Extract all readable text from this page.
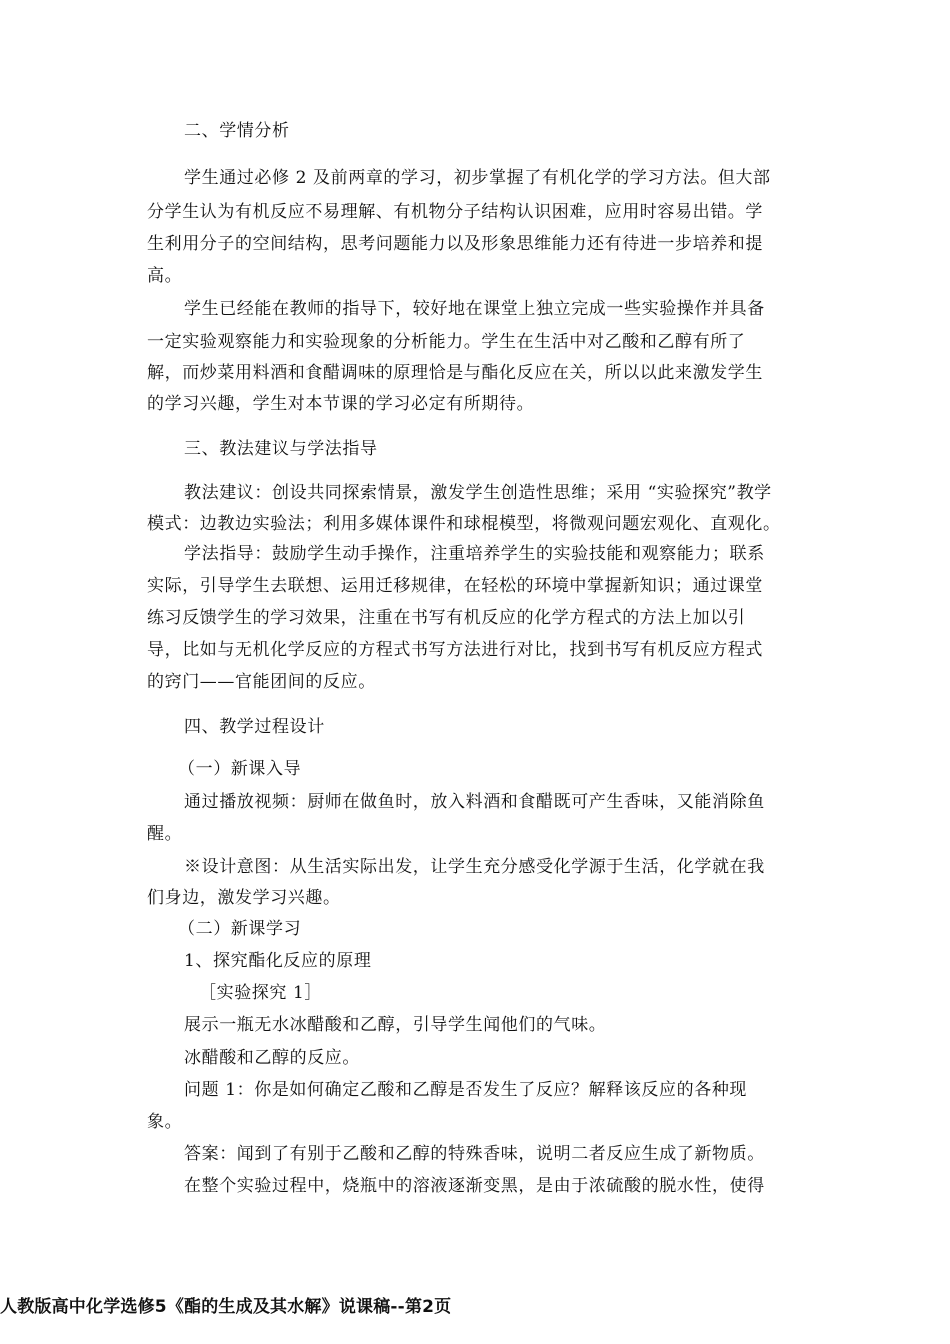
二、学情分析
学生通过必修 2 及前两章的学习，初步掌握了有机化学的学习方法。但大部
分学生认为有机反应不易理解、有机物分子结构认识困难，应用时容易出错。学
生利用分子的空间结构，思考问题能力以及形象思维能力还有待进一步培养和提
高。
学生已经能在教师的指导下，较好地在课堂上独立完成一些实验操作并具备
一定实验观察能力和实验现象的分析能力。学生在生活中对乙酸和乙醇有所了
解，而炒菜用料酒和食醋调味的原理恰是与酯化反应在关，所以以此来激发学生
的学习兴趣，学生对本节课的学习必定有所期待。
三、教法建议与学法指导
教法建议：创设共同探索情景，激发学生创造性思维；采用 “实验探究”教学
模式：边教边实验法；利用多媒体课件和球棍模型，将微观问题宏观化、直观化。
学法指导：鼓励学生动手操作，注重培养学生的实验技能和观察能力；联系
实际，引导学生去联想、运用迁移规律，在轻松的环境中掌握新知识；通过课堂
练习反馈学生的学习效果，注重在书写有机反应的化学方程式的方法上加以引
导，比如与无机化学反应的方程式书写方法进行对比，找到书写有机反应方程式
的窍门——官能团间的反应。
四、教学过程设计
（一）新课入导
通过播放视频：厨师在做鱼时，放入料酒和食醋既可产生香味，又能消除鱼
醒。
※设计意图：从生活实际出发，让学生充分感受化学源于生活，化学就在我
们身边，激发学习兴趣。
（二）新课学习
1、探究酯化反应的原理
［实验探究 1］
展示一瓶无水冰醋酸和乙醇，引导学生闻他们的气味。
冰醋酸和乙醇的反应。
问题 1：你是如何确定乙酸和乙醇是否发生了反应？解释该反应的各种现
象。
答案：闻到了有别于乙酸和乙醇的特殊香味，说明二者反应生成了新物质。
在整个实验过程中，烧瓶中的溶液逐渐变黑，是由于浓硫酸的脱水性，使得
人教版高中化学选修5《酯的生成及其水解》说课稿--第2页
